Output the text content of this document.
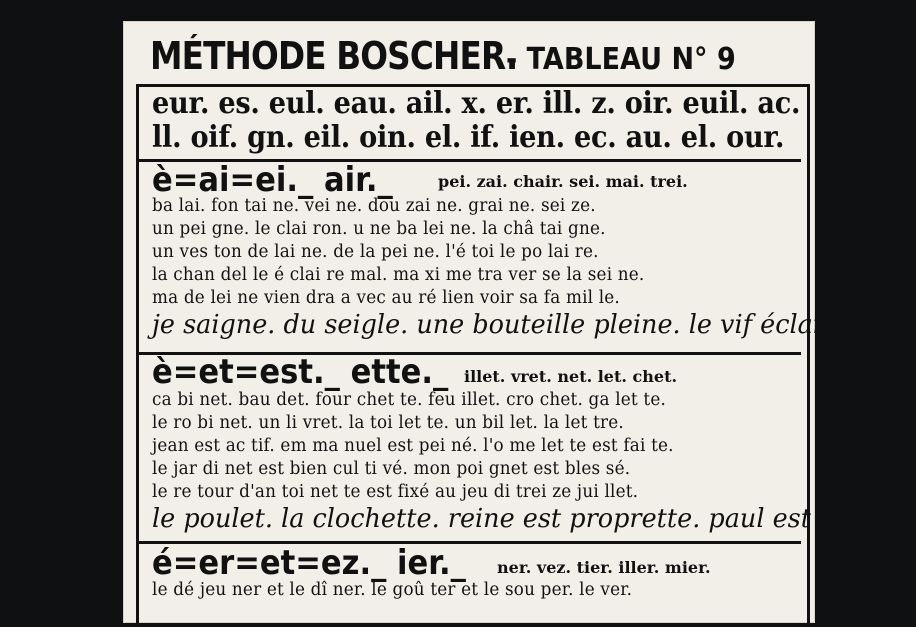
MÉTHODE BOSCHER.
- TABLEAU N° 9
eur. es. eul. eau. ail. x. er. ill. z. oir. euil. ac.
ll. oif. gn. eil. oin. el. if. ien. ec. au. el. our.
è=ai=ei._ air._	pei. zai. chair. sei. mai. trei.
ba lai. fon tai ne. vei ne. dou zai ne. grai ne. sei ze.
un pei gne. le clai ron. u ne ba lei ne. la châ tai gne.
un ves ton de lai ne. de la pei ne. l'é toi le po lai re.
la chan del le é clai re mal. ma xi me tra ver se la sei ne.
ma de lei ne vien dra a vec au ré lien voir sa fa mil le.
je saigne. du seigle. une bouteille pleine. le vif éclair.
è=et=est._ ette._ illet. vret. net. let. chet.
ca bi net. bau det. four chet te. feu illet. cro chet. ga let te.
le ro bi net. un li vret. la toi let te. un bil let. la let tre.
jean est ac tif. em ma nuel est pei né. l'o me let te est fai te.
le jar di net est bien cul ti vé. mon poi gnet est bles sé.
le re tour d'an toi net te est fixé au jeu di trei ze jui llet.
le poulet. la clochette. reine est proprette. paul est gai.
é=er=et=ez._ ier._ ner. vez. tier. iller. mier.
le dé jeu ner et le dî ner. le goû ter et le sou per. le ver.
